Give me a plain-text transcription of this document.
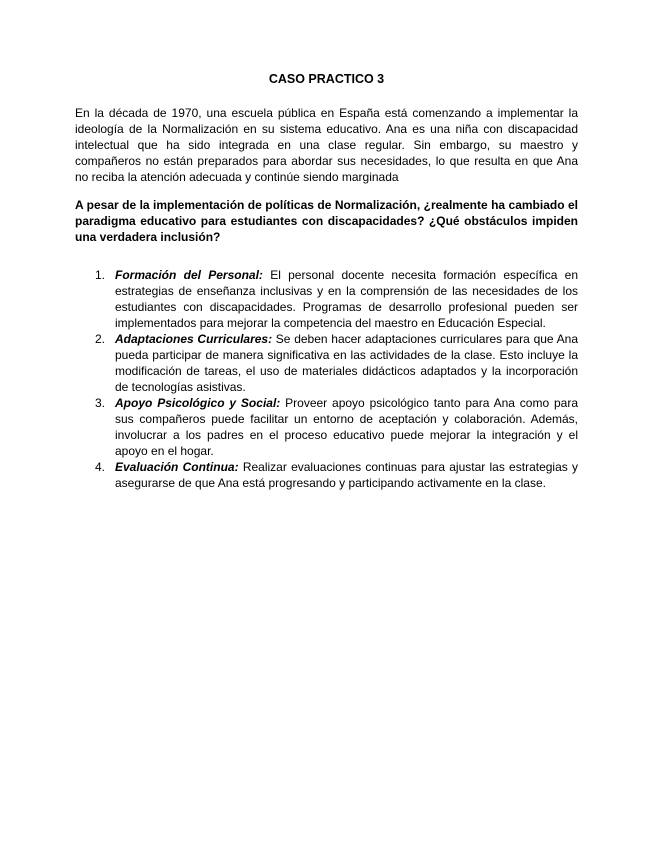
CASO PRACTICO 3

En la década de 1970, una escuela pública en España está comenzando a implementar la ideología de la Normalización en su sistema educativo. Ana es una niña con discapacidad intelectual que ha sido integrada en una clase regular. Sin embargo, su maestro y compañeros no están preparados para abordar sus necesidades, lo que resulta en que Ana no reciba la atención adecuada y continúe siendo marginada

A pesar de la implementación de políticas de Normalización, ¿realmente ha cambiado el paradigma educativo para estudiantes con discapacidades? ¿Qué obstáculos impiden una verdadera inclusión?

1. Formación del Personal: El personal docente necesita formación específica en estrategias de enseñanza inclusivas y en la comprensión de las necesidades de los estudiantes con discapacidades. Programas de desarrollo profesional pueden ser implementados para mejorar la competencia del maestro en Educación Especial.
2. Adaptaciones Curriculares: Se deben hacer adaptaciones curriculares para que Ana pueda participar de manera significativa en las actividades de la clase. Esto incluye la modificación de tareas, el uso de materiales didácticos adaptados y la incorporación de tecnologías asistivas.
3. Apoyo Psicológico y Social: Proveer apoyo psicológico tanto para Ana como para sus compañeros puede facilitar un entorno de aceptación y colaboración. Además, involucrar a los padres en el proceso educativo puede mejorar la integración y el apoyo en el hogar.
4. Evaluación Continua: Realizar evaluaciones continuas para ajustar las estrategias y asegurarse de que Ana está progresando y participando activamente en la clase.
